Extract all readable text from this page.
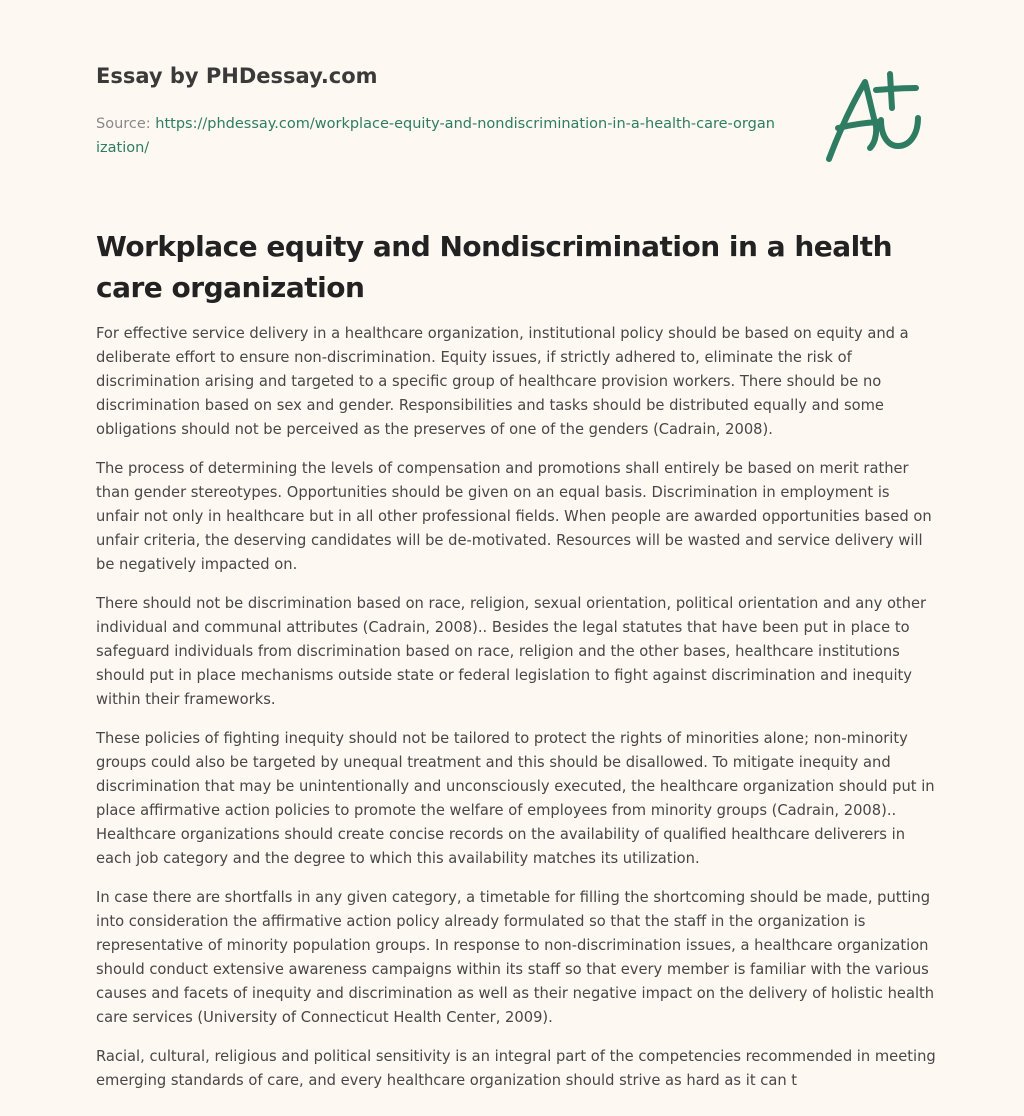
Essay by PHDessay.com
Source: https://phdessay.com/workplace-equity-and-nondiscrimination-in-a-health-care-organization/
Workplace equity and Nondiscrimination in a health care organization

For effective service delivery in a healthcare organization, institutional policy should be based on equity and a deliberate effort to ensure non-discrimination. Equity issues, if strictly adhered to, eliminate the risk of discrimination arising and targeted to a specific group of healthcare provision workers. There should be no discrimination based on sex and gender. Responsibilities and tasks should be distributed equally and some obligations should not be perceived as the preserves of one of the genders (Cadrain, 2008).

The process of determining the levels of compensation and promotions shall entirely be based on merit rather than gender stereotypes. Opportunities should be given on an equal basis. Discrimination in employment is unfair not only in healthcare but in all other professional fields. When people are awarded opportunities based on unfair criteria, the deserving candidates will be de-motivated. Resources will be wasted and service delivery will be negatively impacted on.

There should not be discrimination based on race, religion, sexual orientation, political orientation and any other individual and communal attributes (Cadrain, 2008).. Besides the legal statutes that have been put in place to safeguard individuals from discrimination based on race, religion and the other bases, healthcare institutions should put in place mechanisms outside state or federal legislation to fight against discrimination and inequity within their frameworks.

These policies of fighting inequity should not be tailored to protect the rights of minorities alone; non-minority groups could also be targeted by unequal treatment and this should be disallowed. To mitigate inequity and discrimination that may be unintentionally and unconsciously executed, the healthcare organization should put in place affirmative action policies to promote the welfare of employees from minority groups (Cadrain, 2008).. Healthcare organizations should create concise records on the availability of qualified healthcare deliverers in each job category and the degree to which this availability matches its utilization.

In case there are shortfalls in any given category, a timetable for filling the shortcoming should be made, putting into consideration the affirmative action policy already formulated so that the staff in the organization is representative of minority population groups. In response to non-discrimination issues, a healthcare organization should conduct extensive awareness campaigns within its staff so that every member is familiar with the various causes and facets of inequity and discrimination as well as their negative impact on the delivery of holistic health care services (University of Connecticut Health Center, 2009).

Racial, cultural, religious and political sensitivity is an integral part of the competencies recommended in meeting emerging standards of care, and every healthcare organization should strive as hard as it can t
